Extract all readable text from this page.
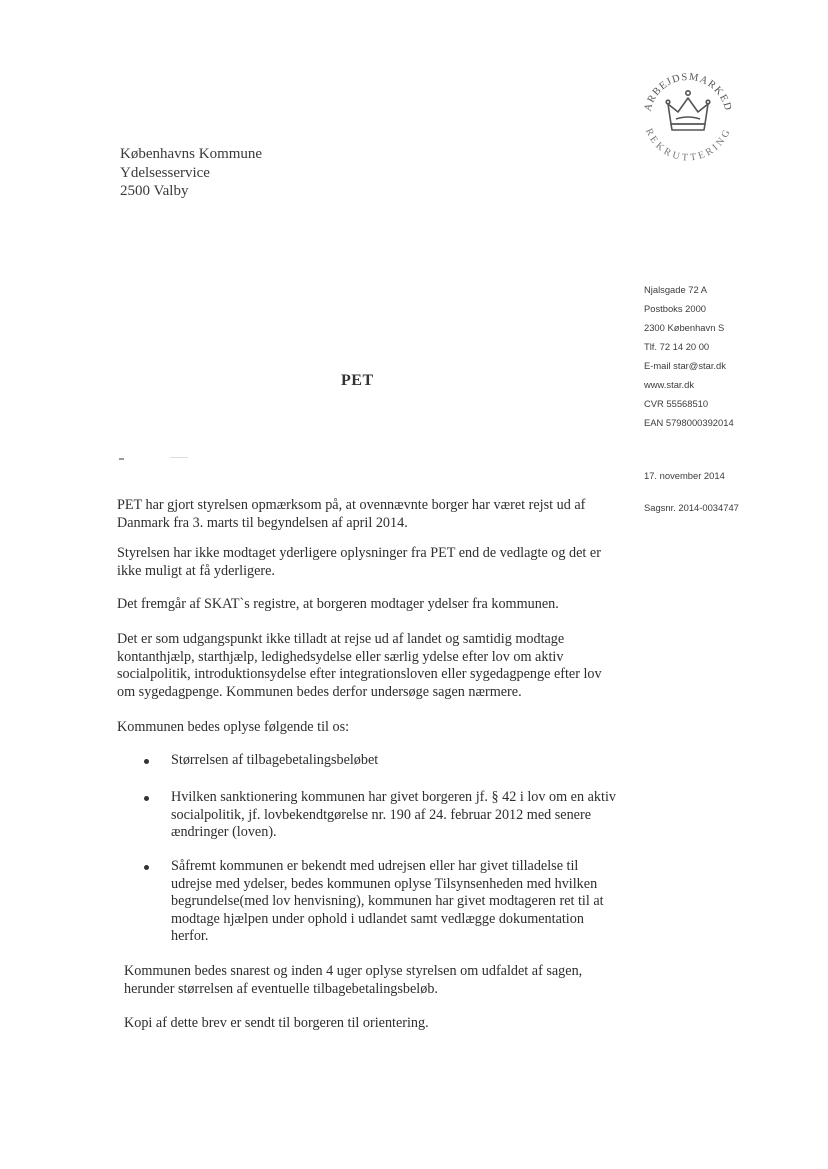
ARBEJDSMARKED
REKRUTTERING
Københavns Kommune
Ydelsesservice
2500 Valby
Njalsgade 72 A
Postboks 2000
2300 København S
Tlf. 72 14 20 00
E-mail star@star.dk
www.star.dk
CVR 55568510
EAN 5798000392014
17. november 2014
Sagsnr. 2014-0034747
PET

PET har gjort styrelsen opmærksom på, at ovennævnte borger har været rejst ud af Danmark fra 3. marts til begyndelsen af april 2014.

Styrelsen har ikke modtaget yderligere oplysninger fra PET end de vedlagte og det er ikke muligt at få yderligere.

Det fremgår af SKAT`s registre, at borgeren modtager ydelser fra kommunen.

Det er som udgangspunkt ikke tilladt at rejse ud af landet og samtidig modtage kontanthjælp, starthjælp, ledighedsydelse eller særlig ydelse efter lov om aktiv socialpolitik, introduktionsydelse efter integrationsloven eller sygedagpenge efter lov om sygedagpenge. Kommunen bedes derfor undersøge sagen nærmere.

Kommunen bedes oplyse følgende til os:

Størrelsen af tilbagebetalingsbeløbet
Hvilken sanktionering kommunen har givet borgeren jf. § 42 i lov om en aktiv socialpolitik, jf. lovbekendtgørelse nr. 190 af 24. februar 2012 med senere ændringer (loven).
Såfremt kommunen er bekendt med udrejsen eller har givet tilladelse til udrejse med ydelser, bedes kommunen oplyse Tilsynsenheden med hvilken begrundelse(med lov henvisning), kommunen har givet modtageren ret til at modtage hjælpen under ophold i udlandet samt vedlægge dokumentation herfor.

Kommunen bedes snarest og inden 4 uger oplyse styrelsen om udfaldet af sagen, herunder størrelsen af eventuelle tilbagebetalingsbeløb.

Kopi af dette brev er sendt til borgeren til orientering.
